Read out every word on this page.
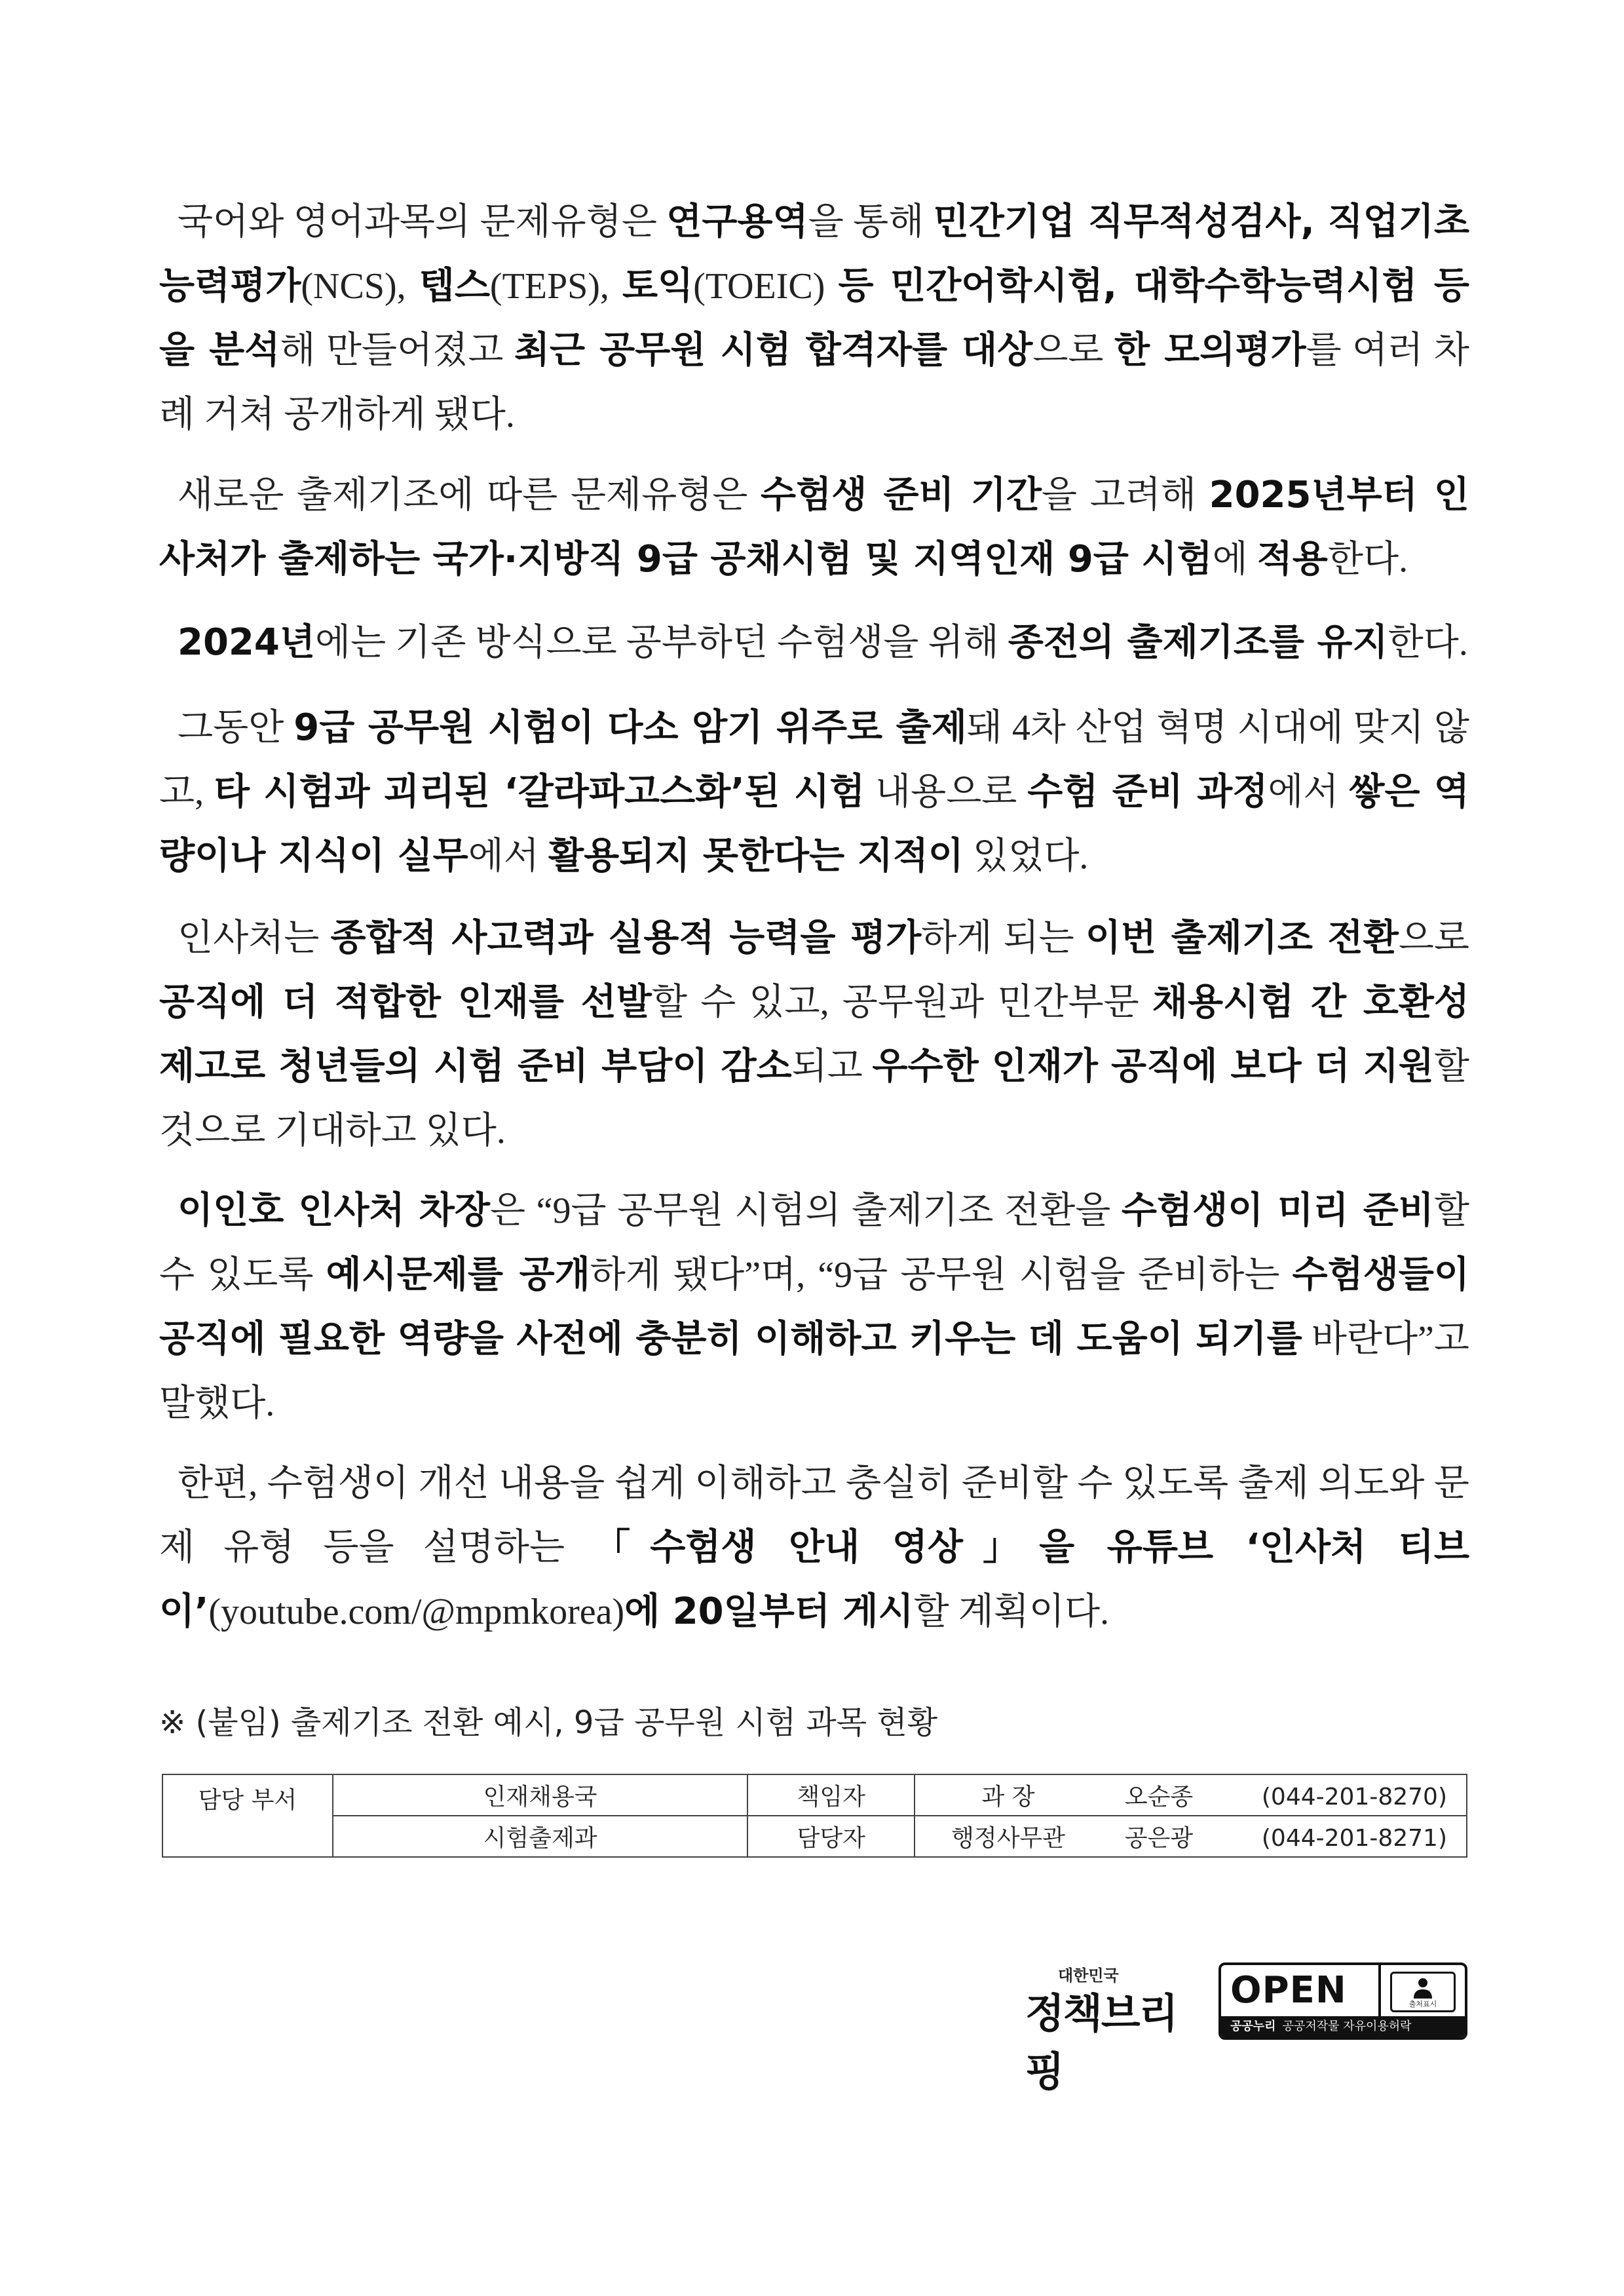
국어와 영어과목의 문제유형은 연구용역을 통해 민간기업 직무적성검사, 직업기초능력평가(NCS), 텝스(TEPS), 토익(TOEIC) 등 민간어학시험, 대학수학능력시험 등을 분석해 만들어졌고 최근 공무원 시험 합격자를 대상으로 한 모의평가를 여러 차례 거쳐 공개하게 됐다.

새로운 출제기조에 따른 문제유형은 수험생 준비 기간을 고려해 2025년부터 인사처가 출제하는 국가·지방직 9급 공채시험 및 지역인재 9급 시험에 적용한다.

2024년에는 기존 방식으로 공부하던 수험생을 위해 종전의 출제기조를 유지한다.

그동안 9급 공무원 시험이 다소 암기 위주로 출제돼 4차 산업 혁명 시대에 맞지 않고, 타 시험과 괴리된 ‘갈라파고스화’된 시험 내용으로 수험 준비 과정에서 쌓은 역량이나 지식이 실무에서 활용되지 못한다는 지적이 있었다.

인사처는 종합적 사고력과 실용적 능력을 평가하게 되는 이번 출제기조 전환으로 공직에 더 적합한 인재를 선발할 수 있고, 공무원과 민간부문 채용시험 간 호환성 제고로 청년들의 시험 준비 부담이 감소되고 우수한 인재가 공직에 보다 더 지원할 것으로 기대하고 있다.

이인호 인사처 차장은 “9급 공무원 시험의 출제기조 전환을 수험생이 미리 준비할 수 있도록 예시문제를 공개하게 됐다”며, “9급 공무원 시험을 준비하는 수험생들이 공직에 필요한 역량을 사전에 충분히 이해하고 키우는 데 도움이 되기를 바란다”고 말했다.

한편, 수험생이 개선 내용을 쉽게 이해하고 충실히 준비할 수 있도록 출제 의도와 문제 유형 등을 설명하는 「수험생 안내 영상」을 유튜브 ‘인사처 티브이’(youtube.com/@mpmkorea)에 20일부터 게시할 계획이다.

※ (붙임) 출제기조 전환 예시, 9급 공무원 시험 과목 현황

담당 부서	인재채용국	책임자	과 장 오순종 (044-201-8270)
	시험출제과	담당자	행정사무관 공은광 (044-201-8271)
대한민국
정책브리핑
OPEN	출처표시
공공누리 공공저작물 자유이용허락
